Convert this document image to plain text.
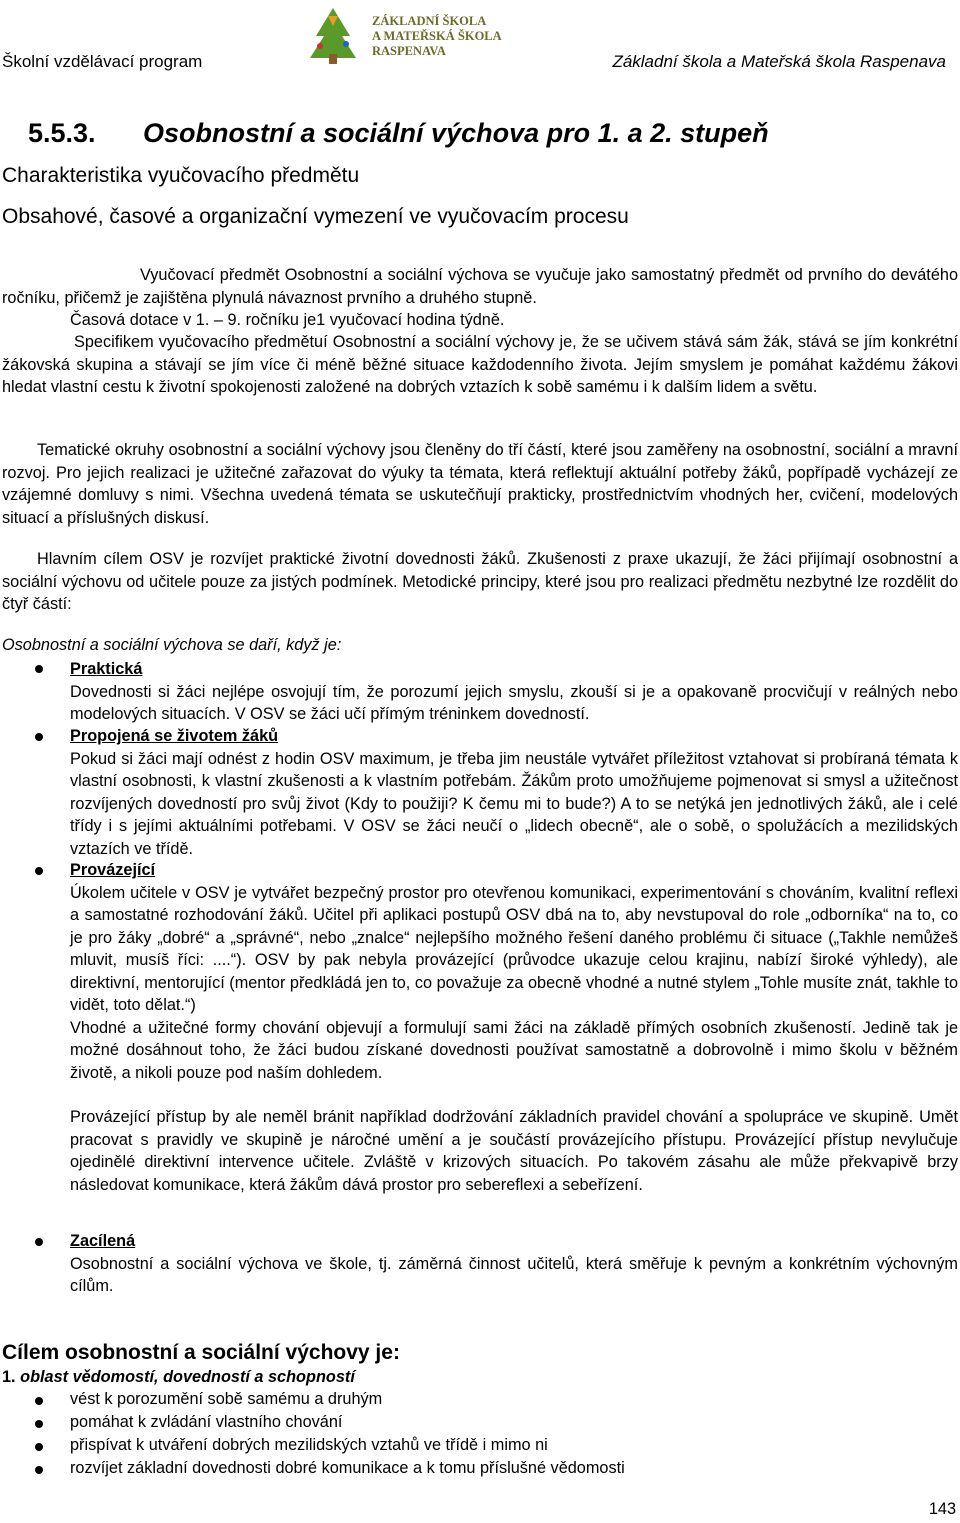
Školní vzdělávací program
ZÁKLADNÍ ŠKOLA
A MATEŘSKÁ ŠKOLA
RASPENAVA
Základní škola a Mateřská škola Raspenava
5.5.3. Osobnostní a sociální výchova pro 1. a 2. stupeň
Charakteristika vyučovacího předmětu
Obsahové, časové a organizační vymezení ve vyučovacím procesu

Vyučovací předmět Osobnostní a sociální výchova se vyučuje jako samostatný předmět od prvního do devátého ročníku, přičemž je zajištěna plynulá návaznost prvního a druhého stupně.

Časová dotace v 1. – 9. ročníku je1 vyučovací hodina týdně.

Specifikem vyučovacího předmětuí Osobnostní a sociální výchovy je, že se učivem stává sám žák, stává se jím konkrétní žákovská skupina a stávají se jím více či méně běžné situace každodenního života. Jejím smyslem je pomáhat každému žákovi hledat vlastní cestu k životní spokojenosti založené na dobrých vztazích k sobě samému i k dalším lidem a světu.

Tematické okruhy osobnostní a sociální výchovy jsou členěny do tří částí, které jsou zaměřeny na osobnostní, sociální a mravní rozvoj. Pro jejich realizaci je užitečné zařazovat do výuky ta témata, která reflektují aktuální potřeby žáků, popřípadě vycházejí ze vzájemné domluvy s nimi. Všechna uvedená témata se uskutečňují prakticky, prostřednictvím vhodných her, cvičení, modelových situací a příslušných diskusí.

Hlavním cílem OSV je rozvíjet praktické životní dovednosti žáků. Zkušenosti z praxe ukazují, že žáci přijímají osobnostní a sociální výchovu od učitele pouze za jistých podmínek. Metodické principy, které jsou pro realizaci předmětu nezbytné lze rozdělit do čtyř částí:

Osobnostní a sociální výchova se daří, když je:
Praktická
Dovednosti si žáci nejlépe osvojují tím, že porozumí jejich smyslu, zkouší si je a opakovaně procvičují v reálných nebo modelových situacích. V OSV se žáci učí přímým tréninkem dovedností.
Propojená se životem žáků
Pokud si žáci mají odnést z hodin OSV maximum, je třeba jim neustále vytvářet příležitost vztahovat si probíraná témata k vlastní osobnosti, k vlastní zkušenosti a k vlastním potřebám. Žákům proto umožňujeme pojmenovat si smysl a užitečnost rozvíjených dovedností pro svůj život (Kdy to použiji? K čemu mi to bude?) A to se netýká jen jednotlivých žáků, ale i celé třídy i s jejími aktuálními potřebami. V OSV se žáci neučí o „lidech obecně“, ale o sobě, o spolužácích a mezilidských vztazích ve třídě.
Provázející
Úkolem učitele v OSV je vytvářet bezpečný prostor pro otevřenou komunikaci, experimentování s chováním, kvalitní reflexi a samostatné rozhodování žáků. Učitel při aplikaci postupů OSV dbá na to, aby nevstupoval do role „odborníka“ na to, co je pro žáky „dobré“ a „správné“, nebo „znalce“ nejlepšího možného řešení daného problému či situace („Takhle nemůžeš mluvit, musíš říci: ....“). OSV by pak nebyla provázející (průvodce ukazuje celou krajinu, nabízí široké výhledy), ale direktivní, mentorující (mentor předkládá jen to, co považuje za obecně vhodné a nutné stylem „Tohle musíte znát, takhle to vidět, toto dělat.“)
Vhodné a užitečné formy chování objevují a formulují sami žáci na základě přímých osobních zkušeností. Jedině tak je možné dosáhnout toho, že žáci budou získané dovednosti používat samostatně a dobrovolně i mimo školu v běžném životě, a nikoli pouze pod naším dohledem.
Provázející přístup by ale neměl bránit například dodržování základních pravidel chování a spolupráce ve skupině. Umět pracovat s pravidly ve skupině je náročné umění a je součástí provázejícího přístupu. Provázející přístup nevylučuje ojedinělé direktivní intervence učitele. Zvláště v krizových situacích. Po takovém zásahu ale může překvapivě brzy následovat komunikace, která žákům dává prostor pro sebereflexi a sebeřízení.
Zacílená
Osobnostní a sociální výchova ve škole, tj. záměrná činnost učitelů, která směřuje k pevným a konkrétním výchovným cílům.
Cílem osobnostní a sociální výchovy je:
1. oblast vědomostí, dovedností a schopností
vést k porozumění sobě samému a druhým
pomáhat k zvládání vlastního chování
přispívat k utváření dobrých mezilidských vztahů ve třídě i mimo ni
rozvíjet základní dovednosti dobré komunikace a k tomu příslušné vědomosti
143
